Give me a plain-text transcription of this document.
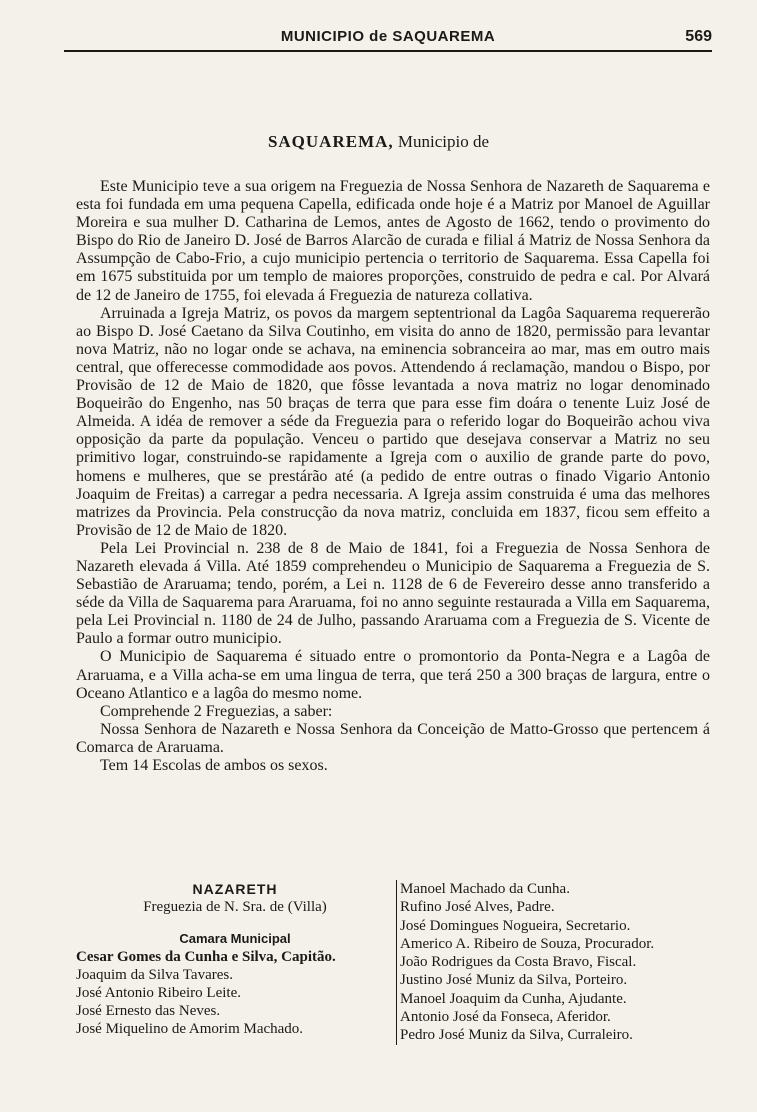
MUNICIPIO de SAQUAREMA	569
SAQUAREMA, Municipio de

Este Municipio teve a sua origem na Freguezia de Nossa Senhora de Nazareth de Saquarema e esta foi fundada em uma pequena Capella, edificada onde hoje é a Matriz por Manoel de Aguillar Moreira e sua mulher D. Catharina de Lemos, antes de Agosto de 1662, tendo o provimento do Bispo do Rio de Janeiro D. José de Barros Alarcão de curada e filial á Matriz de Nossa Senhora da Assumpção de Cabo-Frio, a cujo municipio pertencia o territorio de Saquarema. Essa Capella foi em 1675 substituida por um templo de maiores proporções, construido de pedra e cal. Por Alvará de 12 de Janeiro de 1755, foi elevada á Freguezia de natureza collativa.

Arruinada a Igreja Matriz, os povos da margem septentrional da Lagôa Saquarema requererão ao Bispo D. José Caetano da Silva Coutinho, em visita do anno de 1820, permissão para levantar nova Matriz, não no logar onde se achava, na eminencia sobranceira ao mar, mas em outro mais central, que offerecesse commodidade aos povos. Attendendo á reclamação, mandou o Bispo, por Provisão de 12 de Maio de 1820, que fôsse levantada a nova matriz no logar denominado Boqueirão do Engenho, nas 50 braças de terra que para esse fim doára o tenente Luiz José de Almeida. A idéa de remover a séde da Freguezia para o referido logar do Boqueirão achou viva opposição da parte da população. Venceu o partido que desejava conservar a Matriz no seu primitivo logar, construindo-se rapidamente a Igreja com o auxilio de grande parte do povo, homens e mulheres, que se prestárão até (a pedido de entre outras o finado Vigario Antonio Joaquim de Freitas) a carregar a pedra necessaria. A Igreja assim construida é uma das melhores matrizes da Provincia. Pela construcção da nova matriz, concluida em 1837, ficou sem effeito a Provisão de 12 de Maio de 1820.

Pela Lei Provincial n. 238 de 8 de Maio de 1841, foi a Freguezia de Nossa Senhora de Nazareth elevada á Villa. Até 1859 comprehendeu o Municipio de Saquarema a Freguezia de S. Sebastião de Araruama; tendo, porém, a Lei n. 1128 de 6 de Fevereiro desse anno transferido a séde da Villa de Saquarema para Araruama, foi no anno seguinte restaurada a Villa em Saquarema, pela Lei Provincial n. 1180 de 24 de Julho, passando Araruama com a Freguezia de S. Vicente de Paulo a formar outro municipio.

O Municipio de Saquarema é situado entre o promontorio da Ponta-Negra e a Lagôa de Araruama, e a Villa acha-se em uma lingua de terra, que terá 250 a 300 braças de largura, entre o Oceano Atlantico e a lagôa do mesmo nome.

Comprehende 2 Freguezias, a saber:

Nossa Senhora de Nazareth e Nossa Senhora da Conceição de Matto-Grosso que pertencem á Comarca de Araruama.

Tem 14 Escolas de ambos os sexos.

NAZARETH
Freguezia de N. Sra. de (Villa)
Camara Municipal
Cesar Gomes da Cunha e Silva, Capitão.
Joaquim da Silva Tavares.
José Antonio Ribeiro Leite.
José Ernesto das Neves.
José Miquelino de Amorim Machado.
Manoel Machado da Cunha.
Rufino José Alves, Padre.
José Domingues Nogueira, Secretario.
Americo A. Ribeiro de Souza, Procurador.
João Rodrigues da Costa Bravo, Fiscal.
Justino José Muniz da Silva, Porteiro.
Manoel Joaquim da Cunha, Ajudante.
Antonio José da Fonseca, Aferidor.
Pedro José Muniz da Silva, Curraleiro.
